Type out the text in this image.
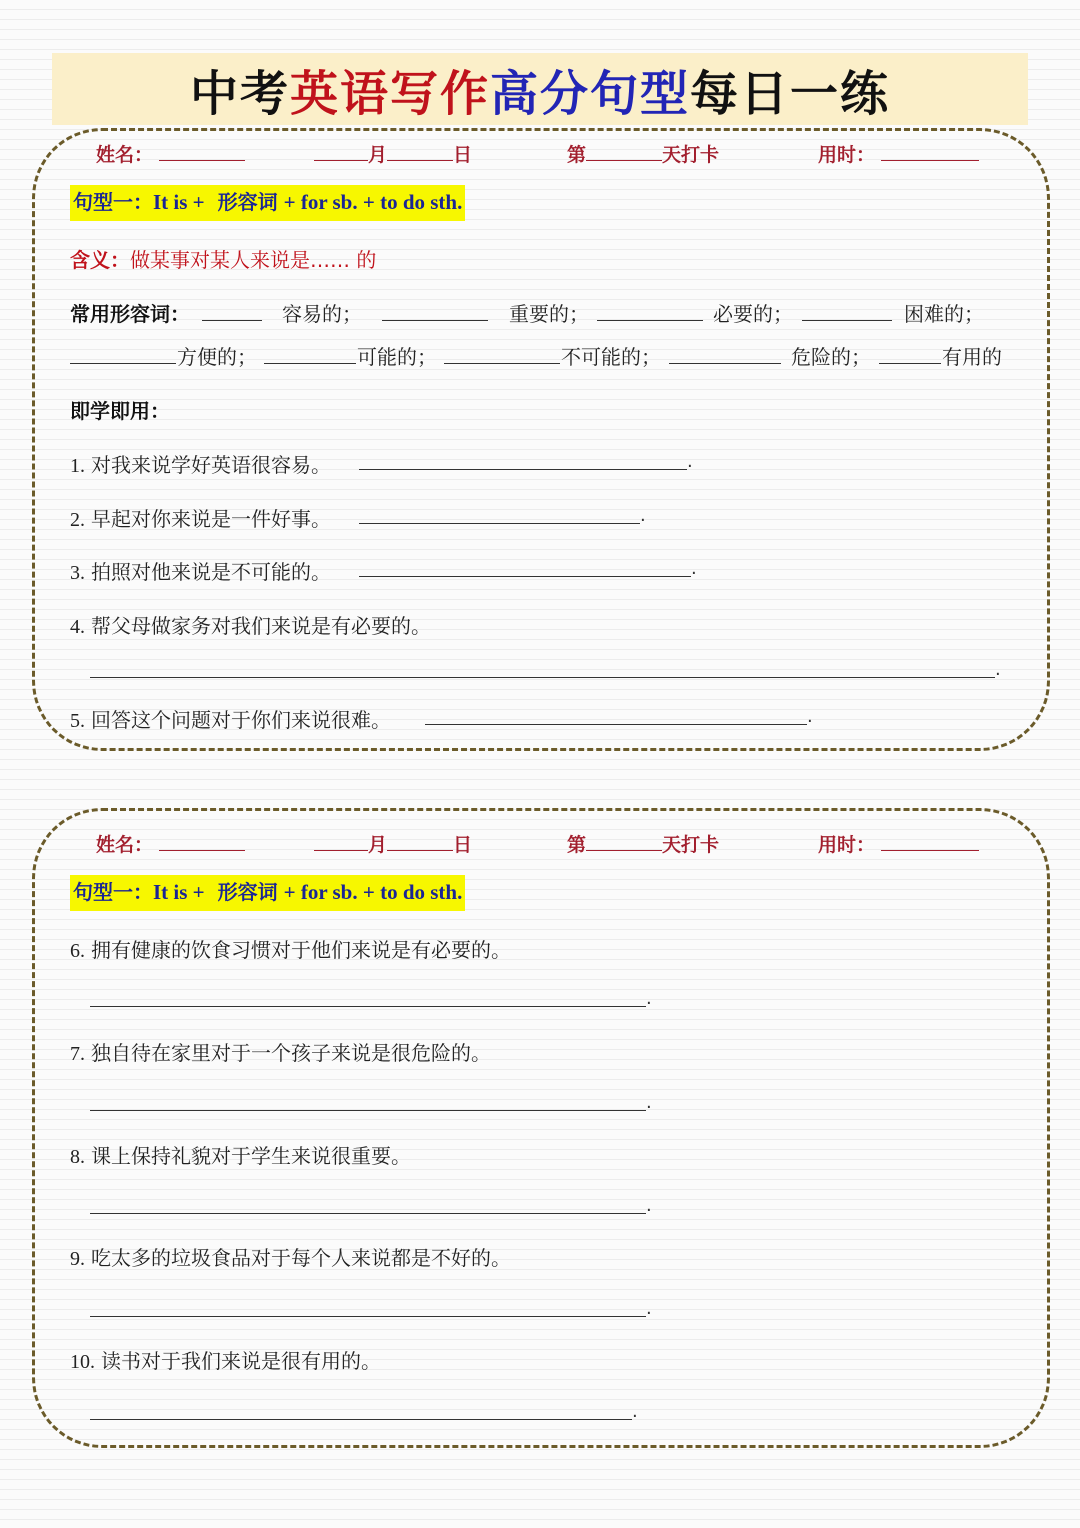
中考 英语写作 高分句型 每日一练
姓名：	月	日	第	天打卡	用时：
句型一：It is + 形容词 + for sb. + to do sth.
含义：做某事对某人来说是…… 的
常用形容词：	容易的；	重要的；	必要的；	困难的；
方便的；	可能的；	不可能的；	危险的；	有用的
即学即用：
1. 对我来说学好英语很容易。	.
2. 早起对你来说是一件好事。	.
3. 拍照对他来说是不可能的。	.
4. 帮父母做家务对我们来说是有必要的。
.
5. 回答这个问题对于你们来说很难。	.
姓名：	月	日	第	天打卡	用时：
句型一：It is + 形容词 + for sb. + to do sth.
6. 拥有健康的饮食习惯对于他们来说是有必要的。
.
7. 独自待在家里对于一个孩子来说是很危险的。
.
8. 课上保持礼貌对于学生来说很重要。
.
9. 吃太多的垃圾食品对于每个人来说都是不好的。
.
10. 读书对于我们来说是很有用的。
.
